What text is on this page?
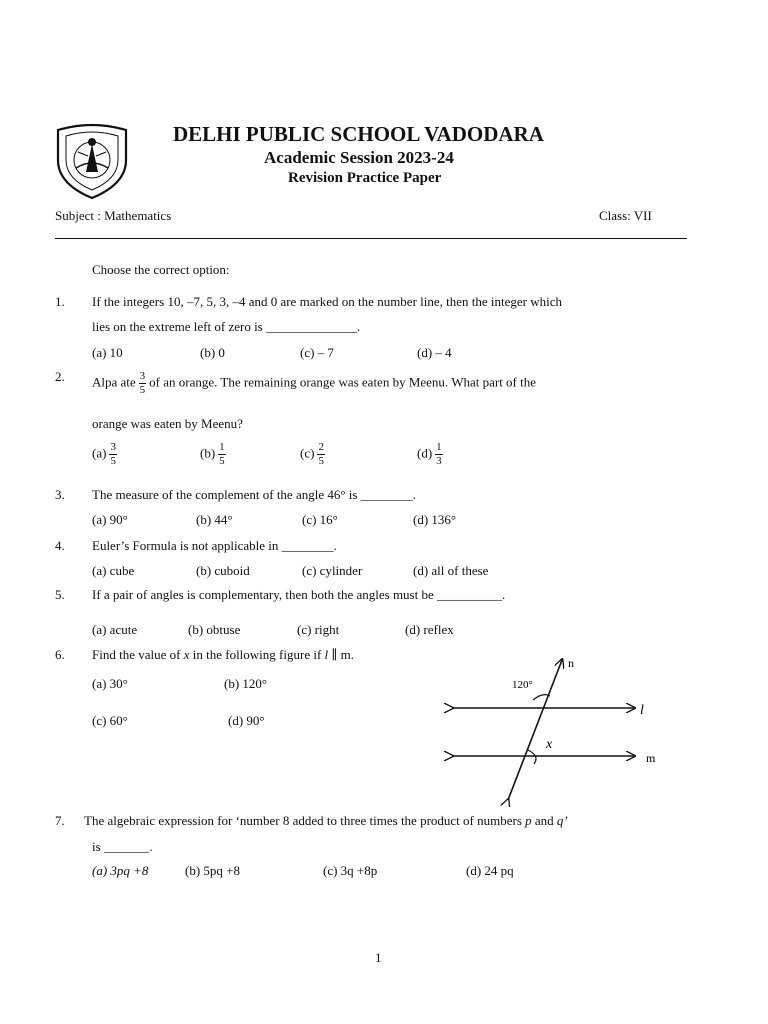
DELHI PUBLIC SCHOOL VADODARA
Academic Session 2023-24
Revision Practice Paper
Subject : Mathematics	Class: VII
Choose the correct option:
1. If the integers 10, –7, 5, 3, –4 and 0 are marked on the number line, then the integer which
lies on the extreme left of zero is ______________.
(a) 10	(b) 0	(c) – 7	(d) – 4
2. Alpa ate $\frac{3}{5}$ of an orange. The remaining orange was eaten by Meenu. What part of the
orange was eaten by Meenu?
$(a) \frac{3}{5}$	$(b) \frac{1}{5}$	$(c) \frac{2}{5}$	$(d) \frac{1}{3}$
3. The measure of the complement of the angle 46° is ________.
(a) 90°	(b) 44°	(c) 16°	(d) 136°
4. Euler’s Formula is not applicable in ________.
(a) cube	(b) cuboid	(c) cylinder	(d) all of these
5. If a pair of angles is complementary, then both the angles must be __________.
(a) acute	(b) obtuse	(c) right	(d) reflex
6. Find the value of x in the following figure if l ∥ m.
(a) 30°	(b) 120°
(c) 60°	(d) 90°
120°
x
n
l
m
7. The algebraic expression for ‘number 8 added to three times the product of numbers p and q’
is _______.
(a) 3pq +8	(b) 5pq +8	(c) 3q +8p	(d) 24 pq
1
